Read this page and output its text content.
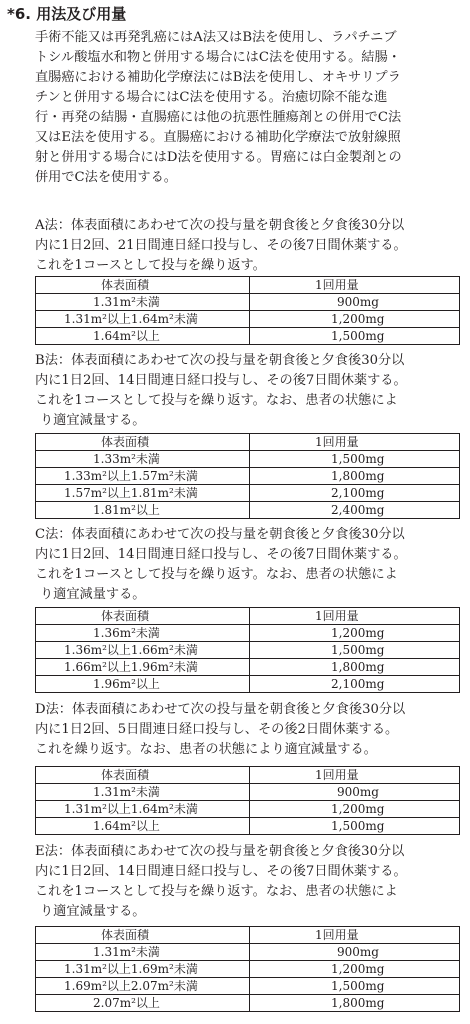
*6. 用法及び用量
手術不能又は再発乳癌にはA法又はB法を使用し、ラパチニブ
トシル酸塩水和物と併用する場合にはC法を使用する。結腸・
直腸癌における補助化学療法にはB法を使用し、オキサリプラ
チンと併用する場合にはC法を使用する。治癒切除不能な進
行・再発の結腸・直腸癌には他の抗悪性腫瘍剤との併用でC法
又はE法を使用する。直腸癌における補助化学療法で放射線照
射と併用する場合にはD法を使用する。胃癌には白金製剤との
併用でC法を使用する。
A法：体表面積にあわせて次の投与量を朝食後と夕食後30分以
内に1日2回、21日間連日経口投与し、その後7日間休薬する。
これを1コースとして投与を繰り返す。
体表面積	1回用量
1.31m²未満	900mg
1.31m²以上1.64m²未満	1,200mg
1.64m²以上	1,500mg
B法：体表面積にあわせて次の投与量を朝食後と夕食後30分以
内に1日2回、14日間連日経口投与し、その後7日間休薬する。
これを1コースとして投与を繰り返す。なお、患者の状態によ
り適宜減量する。
体表面積	1回用量
1.33m²未満	1,500mg
1.33m²以上1.57m²未満	1,800mg
1.57m²以上1.81m²未満	2,100mg
1.81m²以上	2,400mg
C法：体表面積にあわせて次の投与量を朝食後と夕食後30分以
内に1日2回、14日間連日経口投与し、その後7日間休薬する。
これを1コースとして投与を繰り返す。なお、患者の状態によ
り適宜減量する。
体表面積	1回用量
1.36m²未満	1,200mg
1.36m²以上1.66m²未満	1,500mg
1.66m²以上1.96m²未満	1,800mg
1.96m²以上	2,100mg
D法：体表面積にあわせて次の投与量を朝食後と夕食後30分以
内に1日2回、5日間連日経口投与し、その後2日間休薬する。
これを繰り返す。なお、患者の状態により適宜減量する。
体表面積	1回用量
1.31m²未満	900mg
1.31m²以上1.64m²未満	1,200mg
1.64m²以上	1,500mg
E法：体表面積にあわせて次の投与量を朝食後と夕食後30分以
内に1日2回、14日間連日経口投与し、その後7日間休薬する。
これを1コースとして投与を繰り返す。なお、患者の状態によ
り適宜減量する。
体表面積	1回用量
1.31m²未満	900mg
1.31m²以上1.69m²未満	1,200mg
1.69m²以上2.07m²未満	1,500mg
2.07m²以上	1,800mg
